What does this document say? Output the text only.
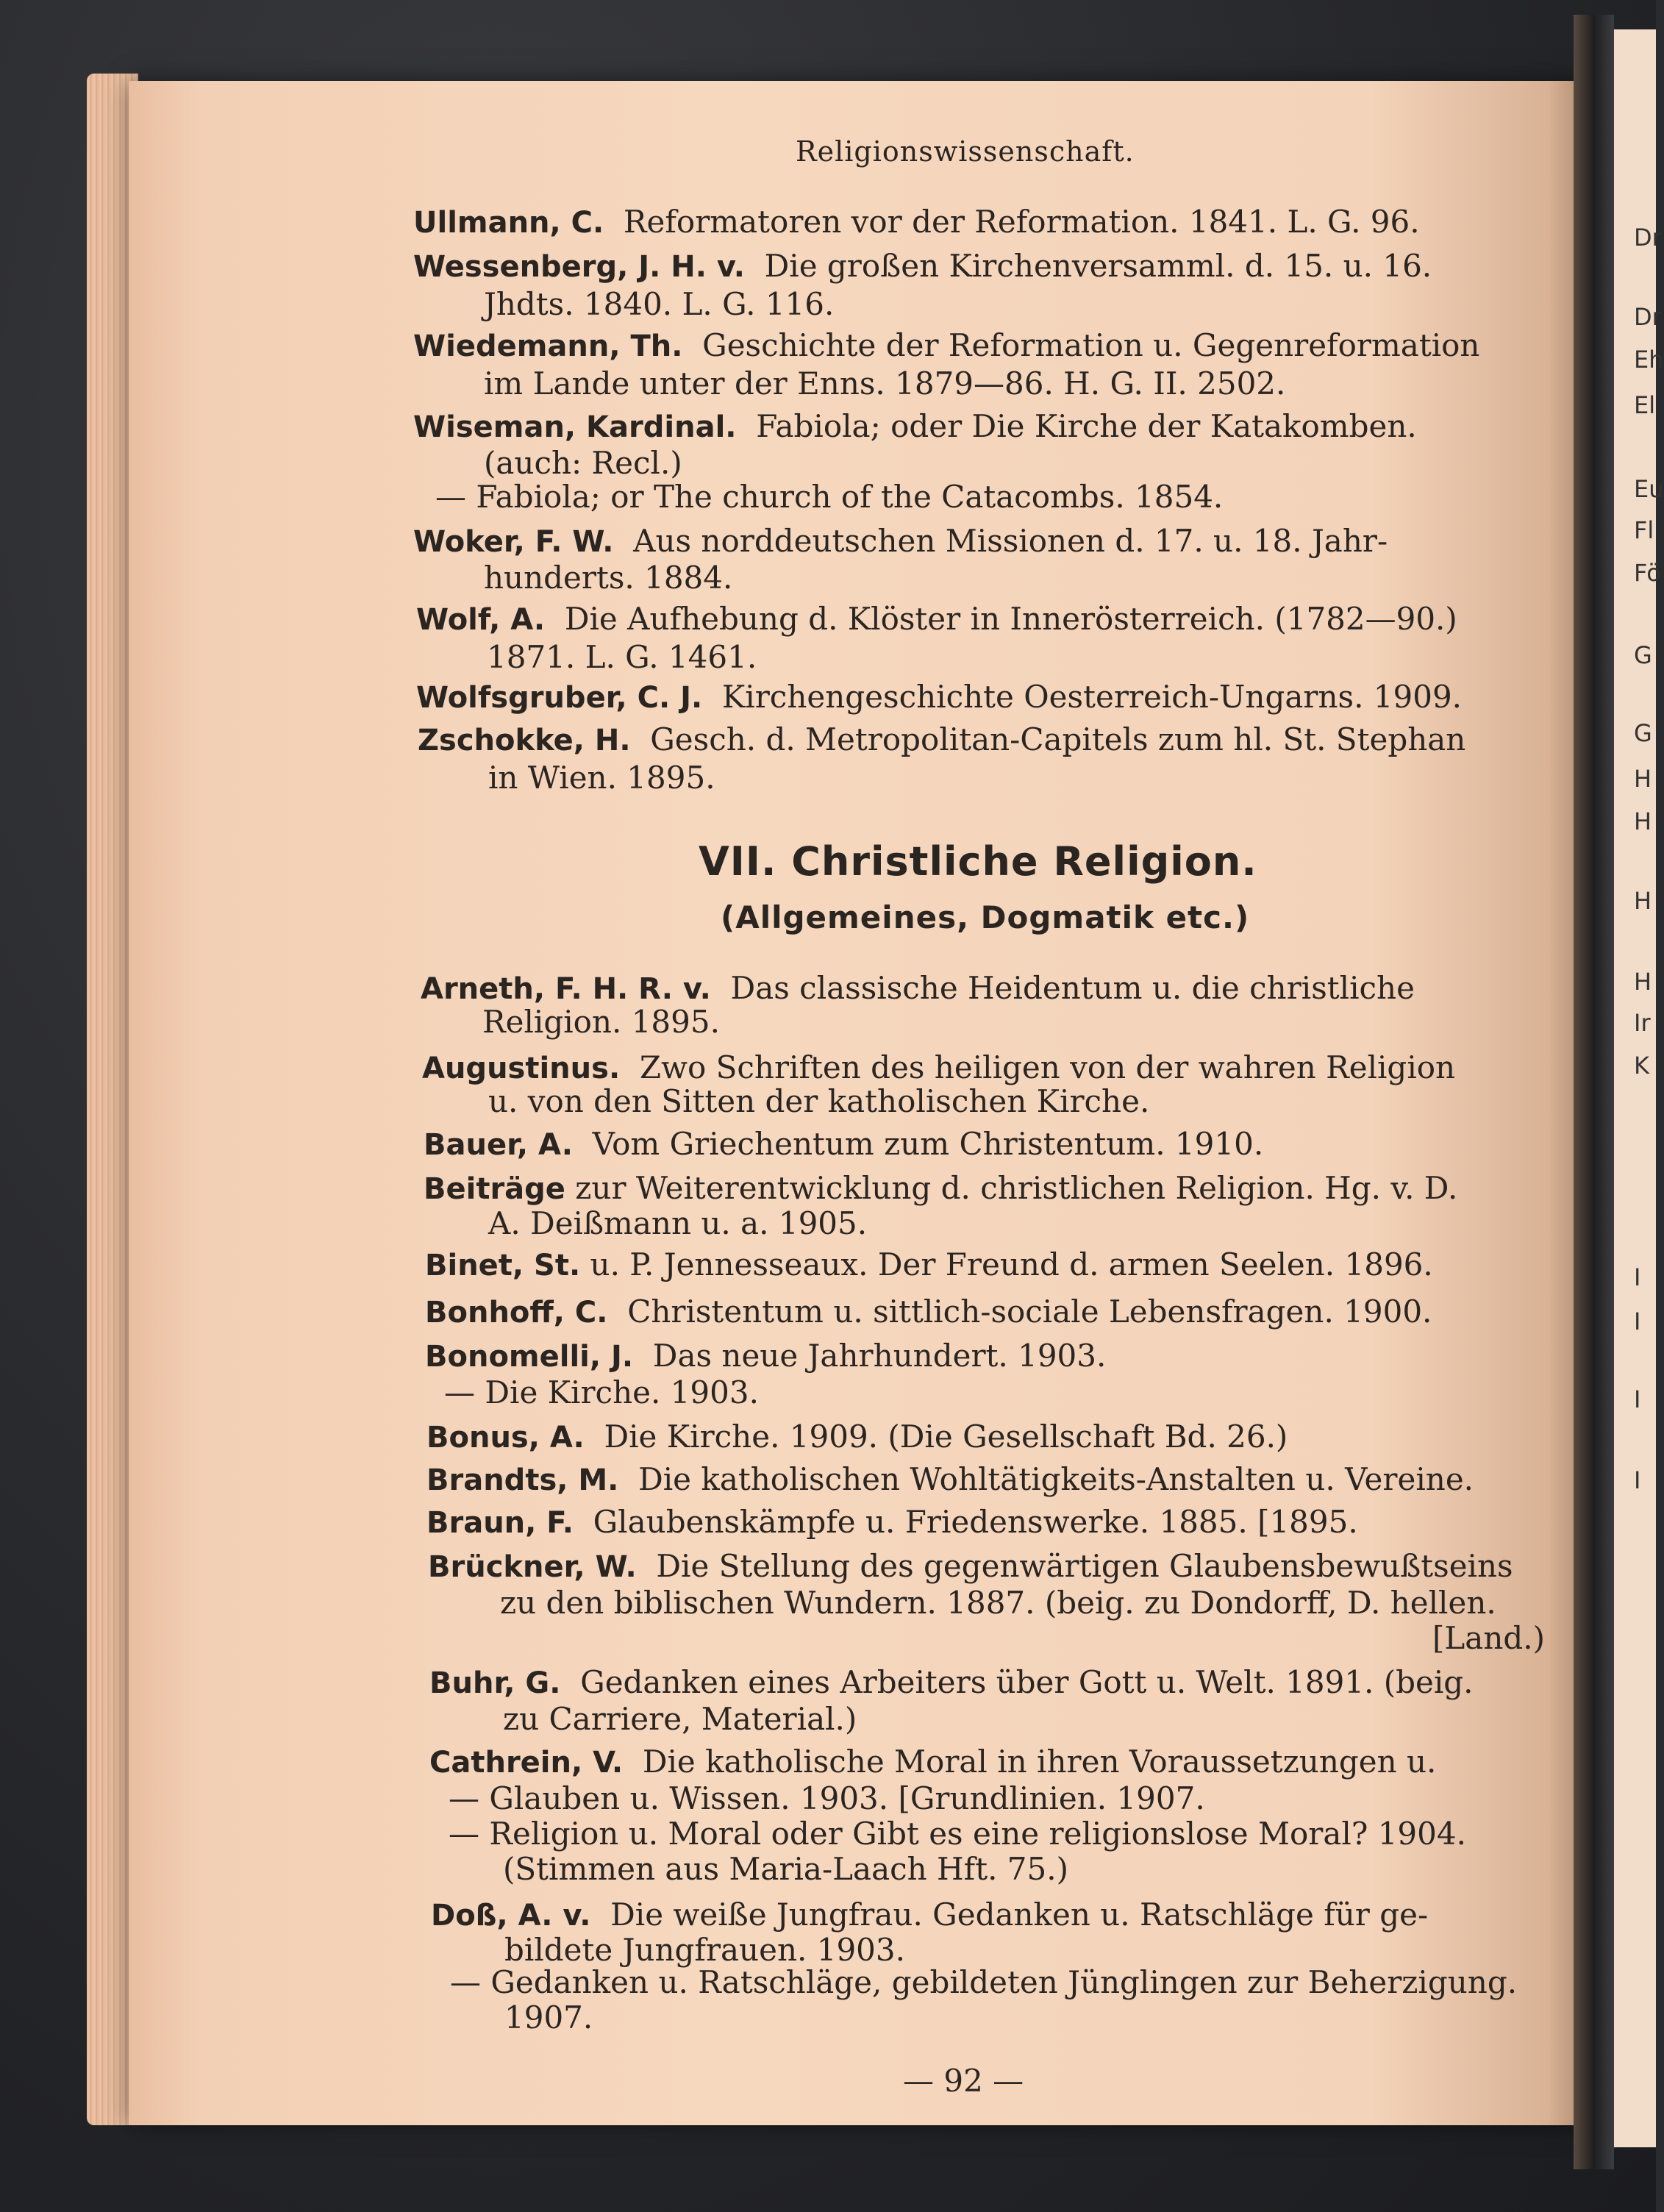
Religionswissenschaft.
Ullmann, C. Reformatoren vor der Reformation. 1841. L. G. 96.
Wessenberg, J. H. v. Die großen Kirchenversamml. d. 15. u. 16.
Jhdts. 1840. L. G. 116.
Wiedemann, Th. Geschichte der Reformation u. Gegenreformation
im Lande unter der Enns. 1879—86. H. G. II. 2502.
Wiseman, Kardinal. Fabiola; oder Die Kirche der Katakomben.
(auch: Recl.)
— Fabiola; or The church of the Catacombs. 1854.
Woker, F. W. Aus norddeutschen Missionen d. 17. u. 18. Jahr-
hunderts. 1884.
Wolf, A. Die Aufhebung d. Klöster in Innerösterreich. (1782—90.)
1871. L. G. 1461.
Wolfsgruber, C. J. Kirchengeschichte Oesterreich-Ungarns. 1909.
Zschokke, H. Gesch. d. Metropolitan-Capitels zum hl. St. Stephan
in Wien. 1895.
VII. Christliche Religion.
(Allgemeines, Dogmatik etc.)
Arneth, F. H. R. v. Das classische Heidentum u. die christliche
Religion. 1895.
Augustinus. Zwo Schriften des heiligen von der wahren Religion
u. von den Sitten der katholischen Kirche.
Bauer, A. Vom Griechentum zum Christentum. 1910.
Beiträge zur Weiterentwicklung d. christlichen Religion. Hg. v. D.
A. Deißmann u. a. 1905.
Binet, St. u. P. Jennesseaux. Der Freund d. armen Seelen. 1896.
Bonhoff, C. Christentum u. sittlich-sociale Lebensfragen. 1900.
Bonomelli, J. Das neue Jahrhundert. 1903.
— Die Kirche. 1903.
Bonus, A. Die Kirche. 1909. (Die Gesellschaft Bd. 26.)
Brandts, M. Die katholischen Wohltätigkeits-Anstalten u. Vereine.
Braun, F. Glaubenskämpfe u. Friedenswerke. 1885. [1895.
Brückner, W. Die Stellung des gegenwärtigen Glaubensbewußtseins
zu den biblischen Wundern. 1887. (beig. zu Dondorff, D. hellen.
[Land.)
Buhr, G. Gedanken eines Arbeiters über Gott u. Welt. 1891. (beig.
zu Carriere, Material.)
Cathrein, V. Die katholische Moral in ihren Voraussetzungen u.
— Glauben u. Wissen. 1903. [Grundlinien. 1907.
— Religion u. Moral oder Gibt es eine religionslose Moral? 1904.
(Stimmen aus Maria-Laach Hft. 75.)
Doß, A. v. Die weiße Jungfrau. Gedanken u. Ratschläge für ge-
bildete Jungfrauen. 1903.
— Gedanken u. Ratschläge, gebildeten Jünglingen zur Beherzigung.
1907.
— 92 —
Dr
Dr
Eh
El
Eu
Fl
Fö
G
G
H
H
H
H
Ir
K
I
I
I
I
